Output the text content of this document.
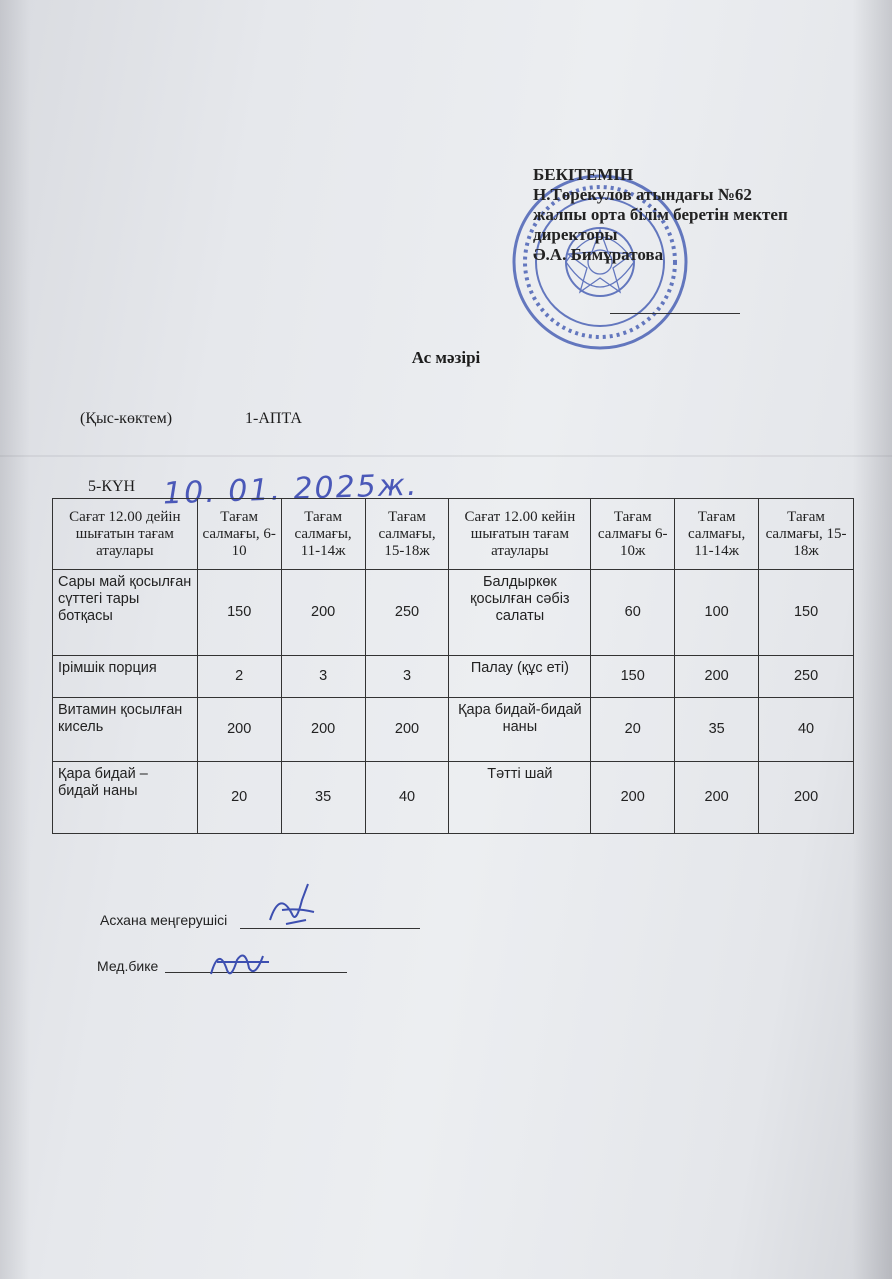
БЕКІТЕМІН
Н.Төрекулов атындағы №62
жалпы орта білім беретін мектеп
директоры
Ә.А. Бимұратова
Ас мәзірі
(Қыс-көктем)	1-АПТА
5-КҮН 10. 01. 2025ж.
Сағат 12.00 дейін шығатын тағам атаулары	Тағам салмағы, 6-10	Тағам салмағы, 11-14ж	Тағам салмағы, 15-18ж	Сағат 12.00 кейін шығатын тағам атаулары	Тағам салмағы 6-10ж	Тағам салмағы, 11-14ж	Тағам салмағы, 15-18ж
Сары май қосылған сүттегі тары ботқасы	150	200	250	Балдыркөк қосылған сәбіз салаты	60	100	150
Ірімшік порция	2	3	3	Палау (құс еті)	150	200	250
Витамин қосылған кисель	200	200	200	Қара бидай-бидай наны	20	35	40
Қара бидай – бидай наны	20	35	40	Тәтті шай	200	200	200
Асхана меңгерушісі
Мед.бике
